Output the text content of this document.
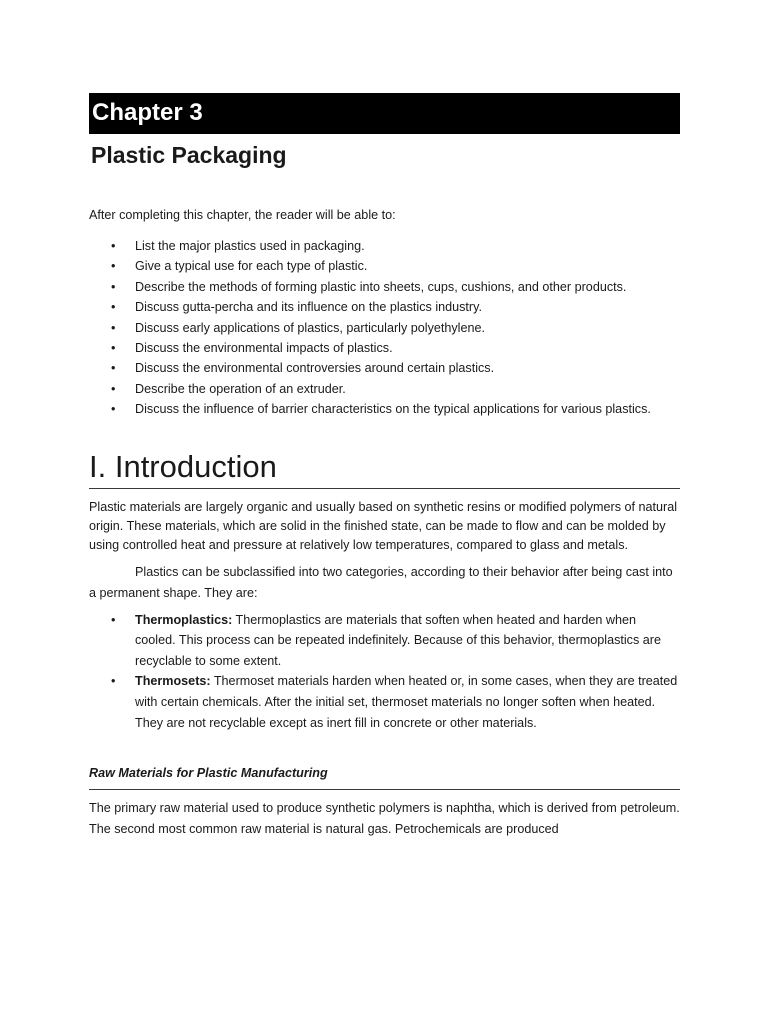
Chapter 3
Plastic Packaging
After completing this chapter, the reader will be able to:
• List the major plastics used in packaging.
• Give a typical use for each type of plastic.
• Describe the methods of forming plastic into sheets, cups, cushions, and other products.
• Discuss gutta-percha and its influence on the plastics industry.
• Discuss early applications of plastics, particularly polyethylene.
• Discuss the environmental impacts of plastics.
• Discuss the environmental controversies around certain plastics.
• Describe the operation of an extruder.
• Discuss the influence of barrier characteristics on the typical applications for various plastics.
I. Introduction

Plastic materials are largely organic and usually based on synthetic resins or modified polymers of natural origin. These materials, which are solid in the finished state, can be made to flow and can be molded by using controlled heat and pressure at relatively low temperatures, compared to glass and metals.

Plastics can be subclassified into two categories, according to their behavior after being cast into a permanent shape. They are:

• Thermoplastics: Thermoplastics are materials that soften when heated and harden when cooled. This process can be repeated indefinitely. Because of this behavior, thermoplastics are recyclable to some extent.
• Thermosets: Thermoset materials harden when heated or, in some cases, when they are treated with certain chemicals. After the initial set, thermoset materials no longer soften when heated. They are not recyclable except as inert fill in concrete or other materials.
Raw Materials for Plastic Manufacturing

The primary raw material used to produce synthetic polymers is naphtha, which is derived from petroleum. The second most common raw material is natural gas. Petrochemicals are produced
